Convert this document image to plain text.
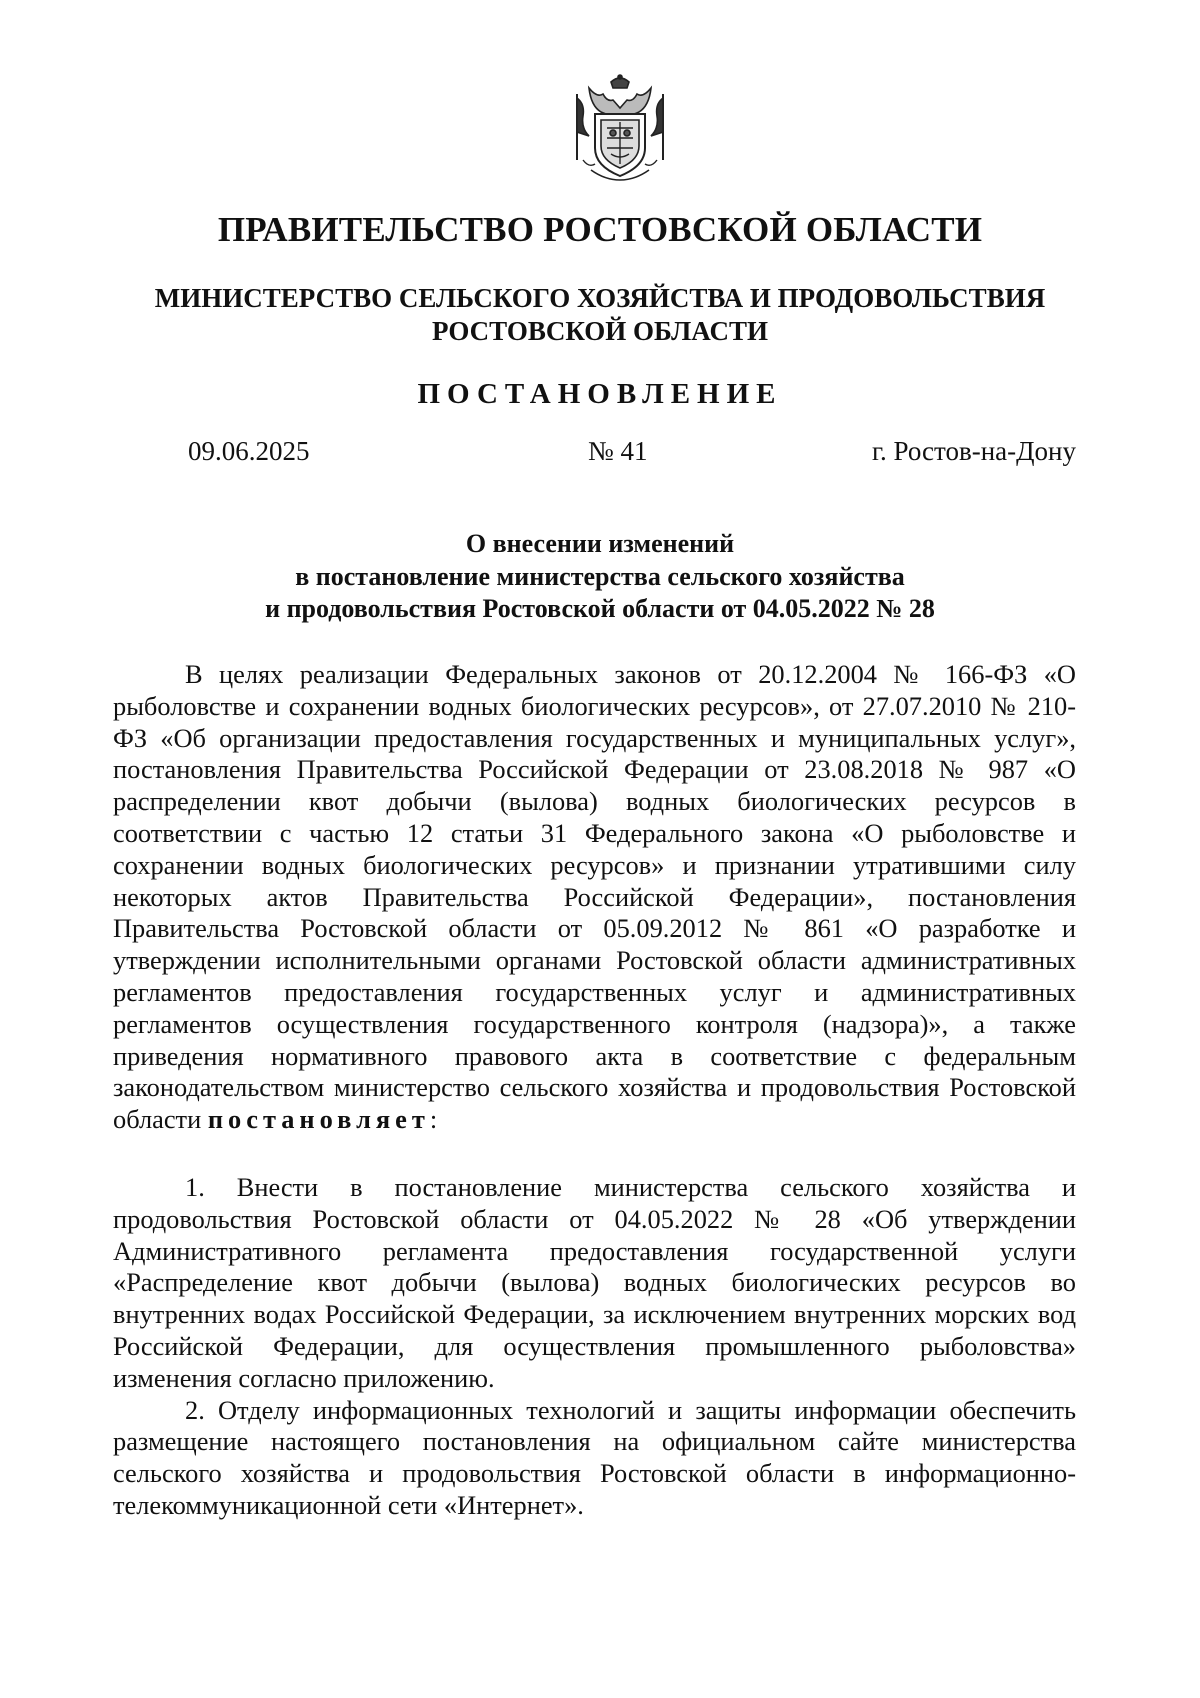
ПРАВИТЕЛЬСТВО РОСТОВСКОЙ ОБЛАСТИ
МИНИСТЕРСТВО СЕЛЬСКОГО ХОЗЯЙСТВА И ПРОДОВОЛЬСТВИЯ
РОСТОВСКОЙ ОБЛАСТИ
ПОСТАНОВЛЕНИЕ
09.06.2025	№ 41	г. Ростов-на-Дону
О внесении изменений
в постановление министерства сельского хозяйства
и продовольствия Ростовской области от 04.05.2022 № 28

В целях реализации Федеральных законов от 20.12.2004 № 166-ФЗ «О рыболовстве и сохранении водных биологических ресурсов», от 27.07.2010 № 210-ФЗ «Об организации предоставления государственных и муниципальных услуг», постановления Правительства Российской Федерации от 23.08.2018 № 987 «О распределении квот добычи (вылова) водных биологических ресурсов в соответствии с частью 12 статьи 31 Федерального закона «О рыболовстве и сохранении водных биологических ресурсов» и признании утратившими силу некоторых актов Правительства Российской Федерации», постановления Правительства Ростовской области от 05.09.2012 № 861 «О разработке и утверждении исполнительными органами Ростовской области административных регламентов предоставления государственных услуг и административных регламентов осуществления государственного контроля (надзора)», а также приведения нормативного правового акта в соответствие с федеральным законодательством министерство сельского хозяйства и продовольствия Ростовской области постановляет:

1. Внести в постановление министерства сельского хозяйства и продовольствия Ростовской области от 04.05.2022 № 28 «Об утверждении Административного регламента предоставления государственной услуги «Распределение квот добычи (вылова) водных биологических ресурсов во внутренних водах Российской Федерации, за исключением внутренних морских вод Российской Федерации, для осуществления промышленного рыболовства» изменения согласно приложению.

2. Отделу информационных технологий и защиты информации обеспечить размещение настоящего постановления на официальном сайте министерства сельского хозяйства и продовольствия Ростовской области в информационно-телекоммуникационной сети «Интернет».
